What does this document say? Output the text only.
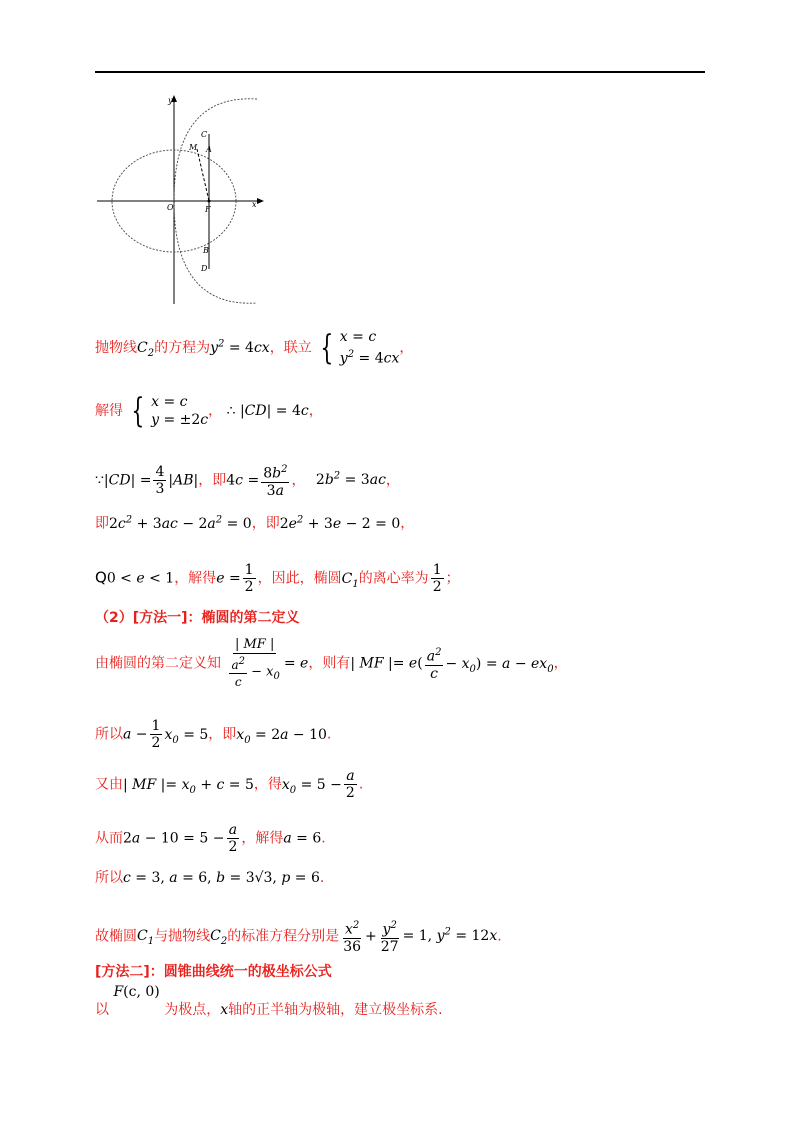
y
x
C
M A
O	F
B
D
抛物线$C_2$的方程为$y^2 = 4cx$，联立 { x = c
$y^2 = 4cx$
，
解得 { x = c
y = ±2c
， ∴ |CD| = 4c，
∵|CD| = $\frac{4}{3} |AB|$，即$4c = \frac{8b^2}{3a}$ ， $2b^2 = 3ac$，
即$2c^2 + 3ac - 2a^2 = 0$，即$2e^2 + 3e - 2 = 0$，
Q0 < e < 1，解得$e = \frac{1}{2}$ ，因此，椭圆$C_1$的离心率为 $\frac{1}{2}$ ；
（2）[方法一]：椭圆的第二定义
由椭圆的第二定义知 $\frac{| MF |}{\frac{a^2}{c} - x_0} = e$，则有| MF |= $e( \frac{a^2}{c} - x_0) = a - ex_0$，
所以$a - \frac{1}{2} x_0 = 5$，即$x_0 = 2a - 10$.
又由| MF |= $x_0 + c = 5$，得$x_0 = 5 - \frac{a}{2}$ .
从而$2a - 10 = 5 - \frac{a}{2}$ ，解得a = 6.
所以c = 3, a = 6, b = 3√3, p = 6.
故椭圆$C_1$与抛物线$C_2$的标准方程分别是 $\frac{x^2}{36} + \frac{y^2}{27} = 1$, $y^2 = 12x$.
[方法二]：圆锥曲线统一的极坐标公式
以 F(c, 0) 为极点，x轴的正半轴为极轴，建立极坐标系.
